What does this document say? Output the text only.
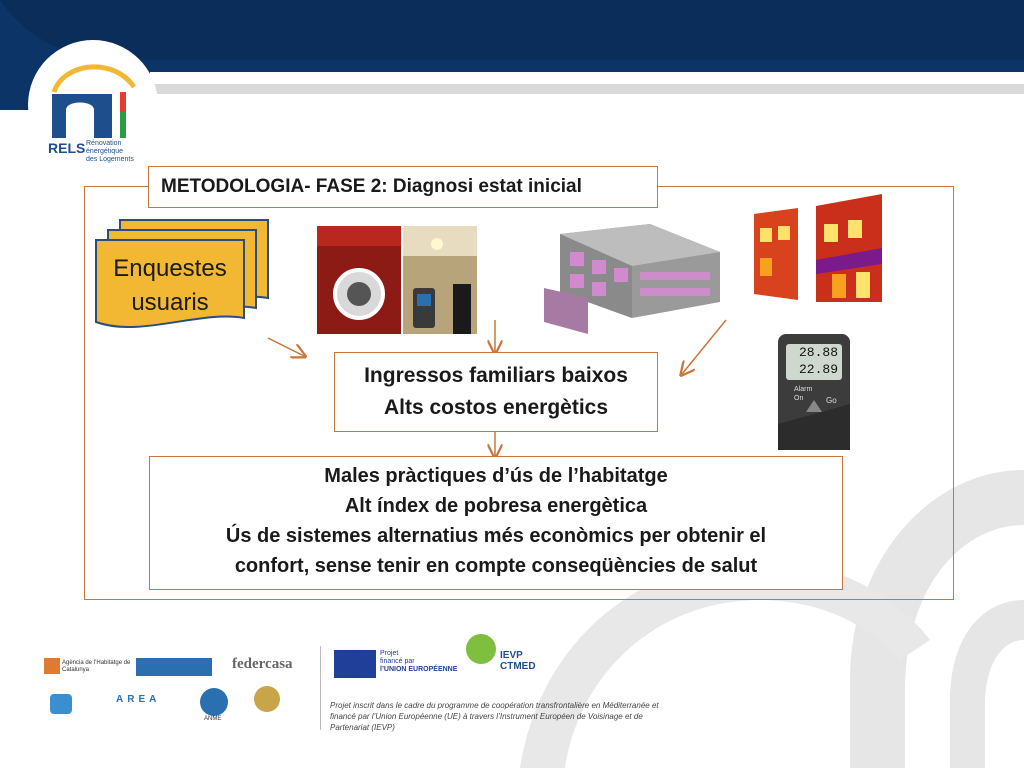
RELS Rénovation
énergétique
des Logements
METODOLOGIA- FASE 2: Diagnosi estat inicial
Enquestes
usuaris
28.88
22.89
Alarm
On	Go
Ingressos familiars baixos
Alts costos energètics
Males pràctiques d’ús de l’habitatge
Alt índex de pobresa energètica
Ús de sistemes alternatius més econòmics per obtenir el
confort, sense tenir en compte conseqüències de salut
Agència de l’Habitatge de Catalunya	federcasa
AREA
ANME
Projet
financé par
l’UNION EUROPÉENNE
IEVP
CTMED
Projet inscrit dans le cadre du programme de coopération transfrontalière en Méditerranée et financé par l’Union Européenne (UE) à travers l’Instrument Européen de Voisinage et de Partenariat (IEVP)
